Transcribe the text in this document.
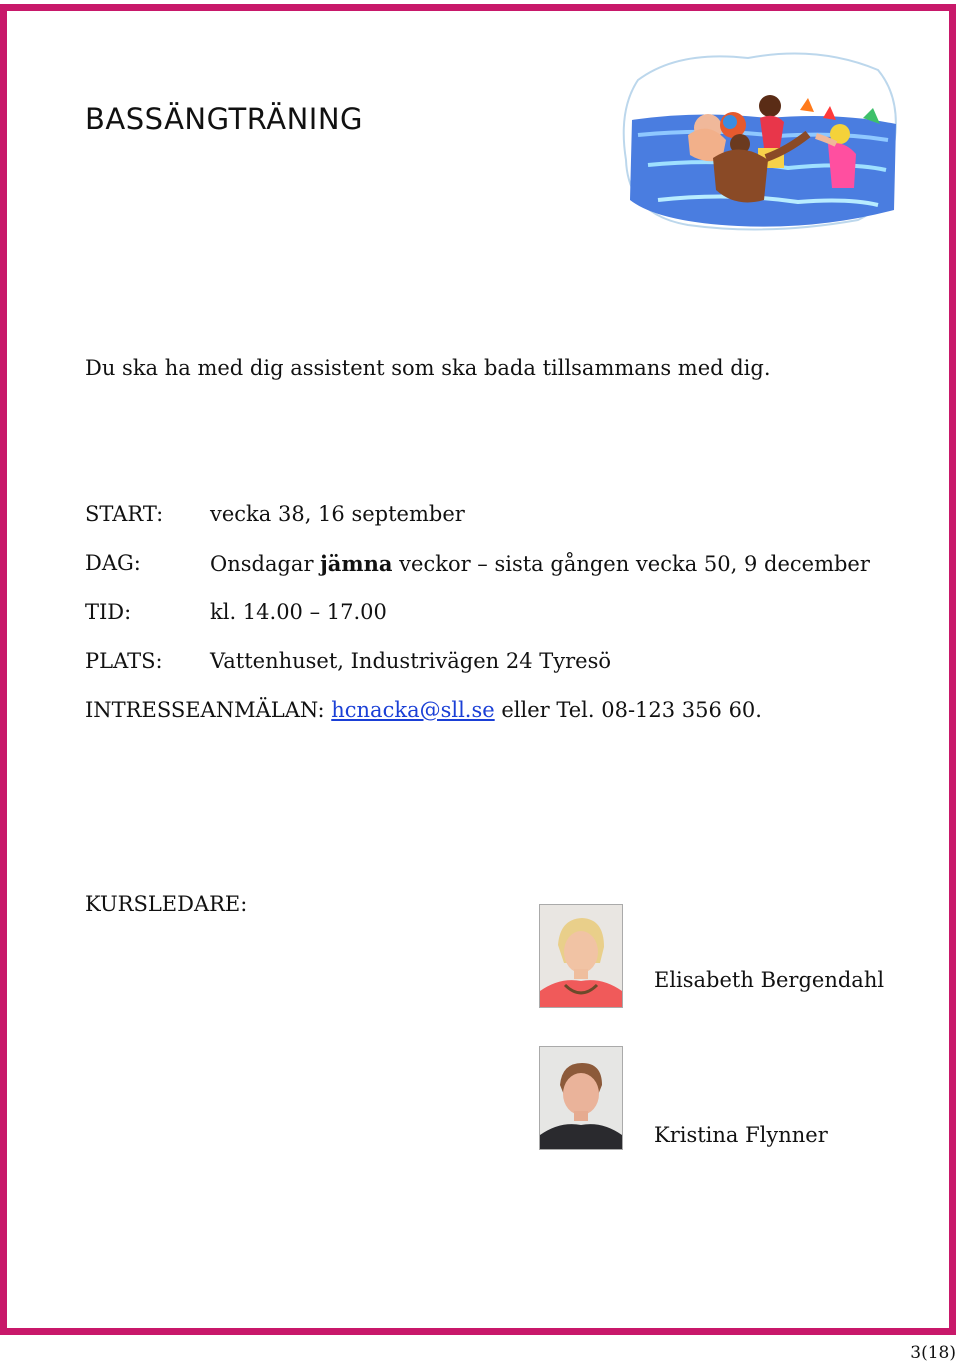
BASSÄNGTRÄNING
Du ska ha med dig assistent som ska bada tillsammans med dig.
START: vecka 38, 16 september
DAG:	Onsdagar jämna veckor – sista gången vecka 50, 9 december
TID:	kl. 14.00 – 17.00
PLATS: Vattenhuset, Industrivägen 24 Tyresö
INTRESSEANMÄLAN: hcnacka@sll.se eller Tel. 08-123 356 60.
KURSLEDARE:
Elisabeth Bergendahl
Kristina Flynner
3(18)
